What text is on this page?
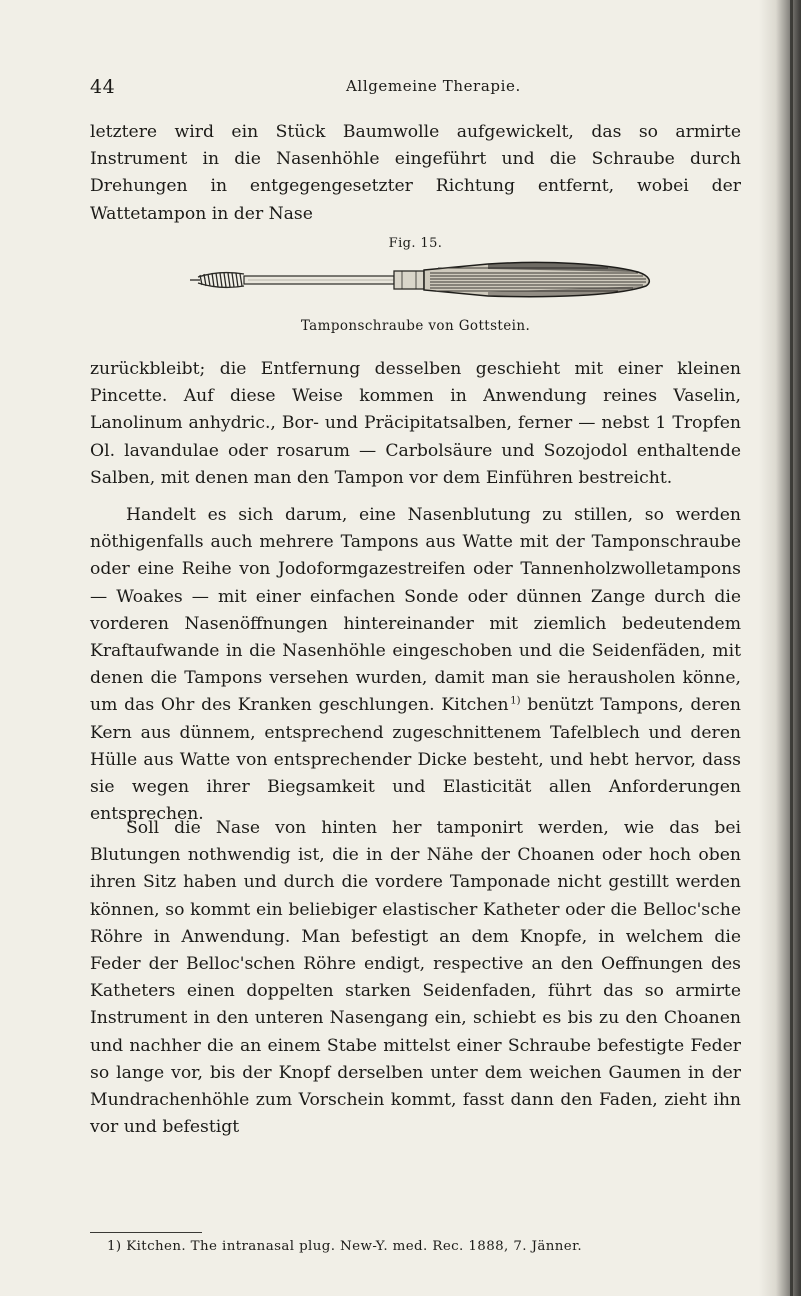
44	Allgemeine Therapie.

letztere wird ein Stück Baumwolle aufgewickelt, das so armirte Instrument in die Nasenhöhle eingeführt und die Schraube durch Drehungen in entgegengesetzter Richtung entfernt, wobei der Wattetampon in der Nase

Fig. 15.
Tamponschraube von Gottstein.

zurückbleibt; die Entfernung desselben geschieht mit einer kleinen Pincette. Auf diese Weise kommen in Anwendung reines Vaselin, Lanolinum anhydric., Bor- und Präcipitatsalben, ferner — nebst 1 Tropfen Ol. lavandulae oder rosarum — Carbolsäure und Sozojodol enthaltende Salben, mit denen man den Tampon vor dem Einführen bestreicht.

Handelt es sich darum, eine Nasenblutung zu stillen, so werden nöthigenfalls auch mehrere Tampons aus Watte mit der Tamponschraube oder eine Reihe von Jodoformgazestreifen oder Tannenholzwolletampons — Woakes — mit einer einfachen Sonde oder dünnen Zange durch die vorderen Nasenöffnungen hintereinander mit ziemlich bedeutendem Kraftaufwande in die Nasenhöhle eingeschoben und die Seidenfäden, mit denen die Tampons versehen wurden, damit man sie herausholen könne, um das Ohr des Kranken geschlungen. Kitchen  $^{1)}$ benützt Tampons, deren Kern aus dünnem, entsprechend zugeschnittenem Tafelblech und deren Hülle aus Watte von entsprechender Dicke besteht, und hebt hervor, dass sie wegen ihrer Biegsamkeit und Elasticität allen Anforderungen entsprechen.

Soll die Nase von hinten her tamponirt werden, wie das bei Blutungen nothwendig ist, die in der Nähe der Choanen oder hoch oben ihren Sitz haben und durch die vordere Tamponade nicht gestillt werden können, so kommt ein beliebiger elastischer Katheter oder die Belloc'sche Röhre in Anwendung. Man befestigt an dem Knopfe, in welchem die Feder der Belloc'schen Röhre endigt, respective an den Oeffnungen des Katheters einen doppelten starken Seidenfaden, führt das so armirte Instrument in den unteren Nasengang ein, schiebt es bis zu den Choanen und nachher die an einem Stabe mittelst einer Schraube befestigte Feder so lange vor, bis der Knopf derselben unter dem weichen Gaumen in der Mundrachenhöhle zum Vorschein kommt, fasst dann den Faden, zieht ihn vor und befestigt

1) Kitchen. The intranasal plug. New-Y. med. Rec. 1888, 7. Jänner.
